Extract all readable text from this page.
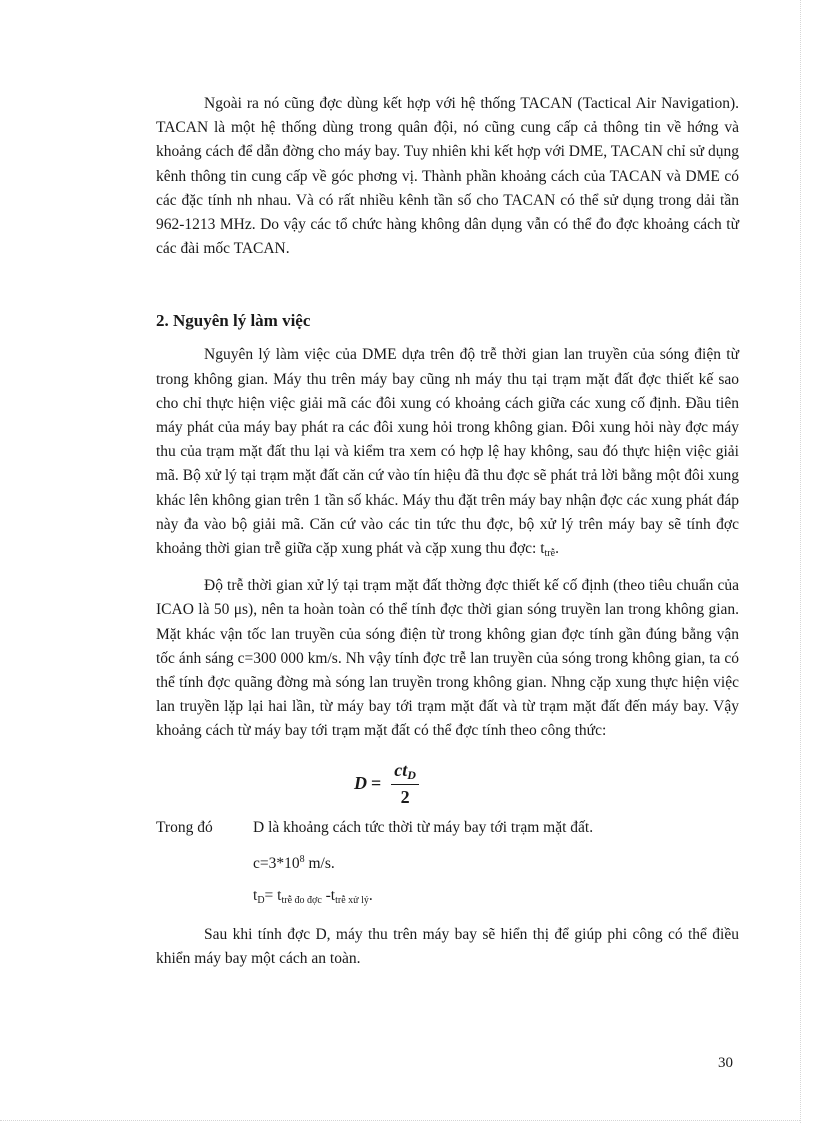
Ngoài ra nó cũng đợc dùng kết hợp với hệ thống TACAN (Tactical Air Navigation). TACAN là một hệ thống dùng trong quân đội, nó cũng cung cấp cả thông tin về hớng và khoảng cách để dẫn đờng cho máy bay. Tuy nhiên khi kết hợp với DME, TACAN chỉ sử dụng kênh thông tin cung cấp về góc phơng vị. Thành phần khoảng cách của TACAN và DME có các đặc tính nh nhau. Và có rất nhiều kênh tần số cho TACAN có thể sử dụng trong dải tần 962-1213 MHz. Do vậy các tổ chức hàng không dân dụng vẫn có thể đo đợc khoảng cách từ các đài mốc TACAN.

2. Nguyên lý làm việc

Nguyên lý làm việc của DME dựa trên độ trễ thời gian lan truyền của sóng điện từ trong không gian. Máy thu trên máy bay cũng nh máy thu tại trạm mặt đất đợc thiết kế sao cho chỉ thực hiện việc giải mã các đôi xung có khoảng cách giữa các xung cố định. Đầu tiên máy phát của máy bay phát ra các đôi xung hỏi trong không gian. Đôi xung hỏi này đợc máy thu của trạm mặt đất thu lại và kiểm tra xem có hợp lệ hay không, sau đó thực hiện việc giải mã. Bộ xử lý tại trạm mặt đất căn cứ vào tín hiệu đã thu đợc sẽ phát trả lời bằng một đôi xung khác lên không gian trên 1 tần số khác. Máy thu đặt trên máy bay nhận đợc các xung phát đáp này đa vào bộ giải mã. Căn cứ vào các tin tức thu đợc, bộ xử lý trên máy bay sẽ tính đợc khoảng thời gian trễ giữa cặp xung phát và cặp xung thu đợc: $t_{trễ}$.

Độ trễ thời gian xử lý tại trạm mặt đất thờng đợc thiết kế cố định (theo tiêu chuẩn của ICAO là 50 μs), nên ta hoàn toàn có thể tính đợc thời gian sóng truyền lan trong không gian. Mặt khác vận tốc lan truyền của sóng điện từ trong không gian đợc tính gần đúng bằng vận tốc ánh sáng c=300 000 km/s. Nh vậy tính đợc trễ lan truyền của sóng trong không gian, ta có thể tính đợc quãng đờng mà sóng lan truyền trong không gian. Nhng cặp xung thực hiện việc lan truyền lặp lại hai lần, từ máy bay tới trạm mặt đất và từ trạm mặt đất đến máy bay. Vậy khoảng cách từ máy bay tới trạm mặt đất có thể đợc tính theo công thức:

$D = \frac{ct_D}{2}$
Trong đó	D là khoảng cách tức thời từ máy bay tới trạm mặt đất.
$c=3*10^8$ m/s.
$t_D= t_{trễ đo đợc}$ $-t_{trễ xử lý}$.

Sau khi tính đợc D, máy thu trên máy bay sẽ hiển thị để giúp phi công có thể điều khiển máy bay một cách an toàn.

30
